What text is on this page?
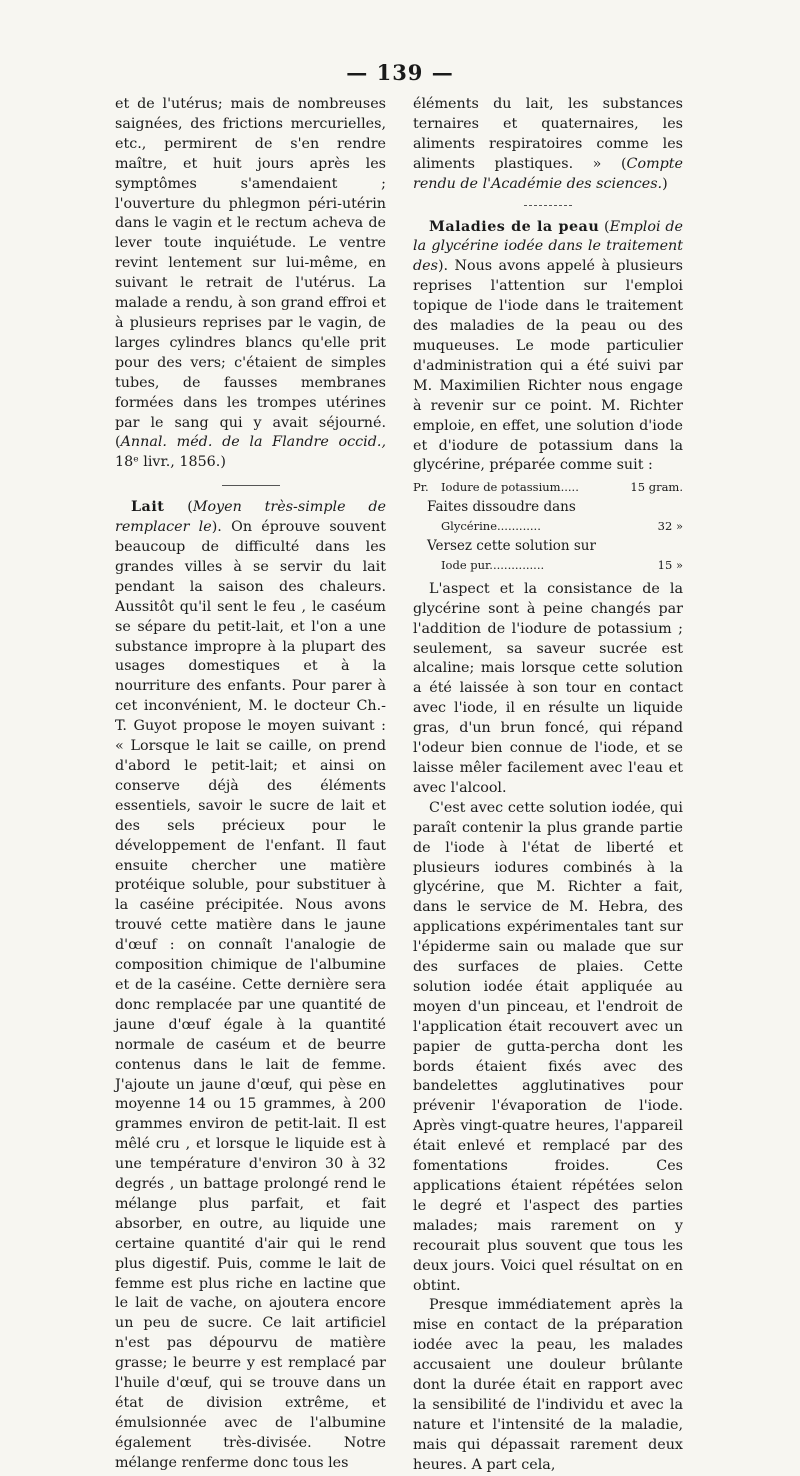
— 139 —

et de l'utérus; mais de nombreuses saignées, des frictions mercurielles, etc., permirent de s'en rendre maître, et huit jours après les symptômes s'amendaient ; l'ouverture du phlegmon péri-utérin dans le vagin et le rectum acheva de lever toute inquiétude. Le ventre revint lentement sur lui-même, en suivant le retrait de l'utérus. La malade a rendu, à son grand effroi et à plusieurs reprises par le vagin, de larges cylindres blancs qu'elle prit pour des vers; c'étaient de simples tubes, de fausses membranes formées dans les trompes utérines par le sang qui y avait séjourné. (Annal. méd. de la Flandre occid., 18ᵉ livr., 1856.)

Lait (Moyen très-simple de remplacer le). On éprouve souvent beaucoup de difficulté dans les grandes villes à se servir du lait pendant la saison des chaleurs. Aussitôt qu'il sent le feu , le caséum se sépare du petit-lait, et l'on a une substance impropre à la plupart des usages domestiques et à la nourriture des enfants. Pour parer à cet inconvénient, M. le docteur Ch.-T. Guyot propose le moyen suivant : « Lorsque le lait se caille, on prend d'abord le petit-lait; et ainsi on conserve déjà des éléments essentiels, savoir le sucre de lait et des sels précieux pour le développement de l'enfant. Il faut ensuite chercher une matière protéique soluble, pour substituer à la caséine précipitée. Nous avons trouvé cette matière dans le jaune d'œuf : on connaît l'analogie de composition chimique de l'albumine et de la caséine. Cette dernière sera donc remplacée par une quantité de jaune d'œuf égale à la quantité normale de caséum et de beurre contenus dans le lait de femme. J'ajoute un jaune d'œuf, qui pèse en moyenne 14 ou 15 grammes, à 200 grammes environ de petit-lait. Il est mêlé cru , et lorsque le liquide est à une température d'environ 30 à 32 degrés , un battage prolongé rend le mélange plus parfait, et fait absorber, en outre, au liquide une certaine quantité d'air qui le rend plus digestif. Puis, comme le lait de femme est plus riche en lactine que le lait de vache, on ajoutera encore un peu de sucre. Ce lait artificiel n'est pas dépourvu de matière grasse; le beurre y est remplacé par l'huile d'œuf, qui se trouve dans un état de division extrême, et émulsionnée avec de l'albumine également très-divisée. Notre mélange renferme donc tous les

éléments du lait, les substances ternaires et quaternaires, les aliments respiratoires comme les aliments plastiques. » (Compte rendu de l'Académie des sciences.)

Maladies de la peau (Emploi de la glycérine iodée dans le traitement des). Nous avons appelé à plusieurs reprises l'attention sur l'emploi topique de l'iode dans le traitement des maladies de la peau ou des muqueuses. Le mode particulier d'administration qui a été suivi par M. Maximilien Richter nous engage à revenir sur ce point. M. Richter emploie, en effet, une solution d'iode et d'iodure de potassium dans la glycérine, préparée comme suit :

Pr.	Iodure de potassium.....	15 gram.
Faites dissoudre dans
Glycérine............	32 »
Versez cette solution sur
Iode pur...............	15 »

L'aspect et la consistance de la glycérine sont à peine changés par l'addition de l'iodure de potassium ; seulement, sa saveur sucrée est alcaline; mais lorsque cette solution a été laissée à son tour en contact avec l'iode, il en résulte un liquide gras, d'un brun foncé, qui répand l'odeur bien connue de l'iode, et se laisse mêler facilement avec l'eau et avec l'alcool.

C'est avec cette solution iodée, qui paraît contenir la plus grande partie de l'iode à l'état de liberté et plusieurs iodures combinés à la glycérine, que M. Richter a fait, dans le service de M. Hebra, des applications expérimentales tant sur l'épiderme sain ou malade que sur des surfaces de plaies. Cette solution iodée était appliquée au moyen d'un pinceau, et l'endroit de l'application était recouvert avec un papier de gutta-percha dont les bords étaient fixés avec des bandelettes agglutinatives pour prévenir l'évaporation de l'iode. Après vingt-quatre heures, l'appareil était enlevé et remplacé par des fomentations froides. Ces applications étaient répétées selon le degré et l'aspect des parties malades; mais rarement on y recourait plus souvent que tous les deux jours. Voici quel résultat on en obtint.

Presque immédiatement après la mise en contact de la préparation iodée avec la peau, les malades accusaient une douleur brûlante dont la durée était en rapport avec la sensibilité de l'individu et avec la nature et l'intensité de la maladie, mais qui dépassait rarement deux heures. A part cela,
